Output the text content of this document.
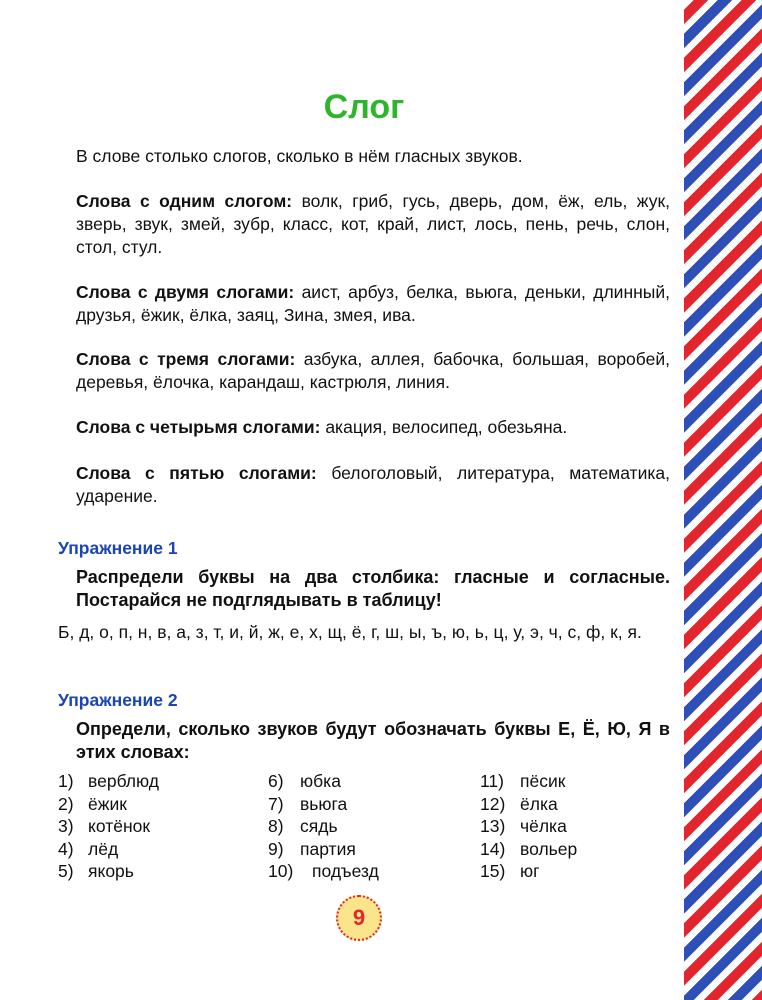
Слог

В слове столько слогов, сколько в нём гласных звуков.

Слова с одним слогом: волк, гриб, гусь, дверь, дом, ёж, ель, жук, зверь, звук, змей, зубр, класс, кот, край, лист, лось, пень, речь, слон, стол, стул.

Слова с двумя слогами: аист, арбуз, белка, вьюга, деньки, длинный, друзья, ёжик, ёлка, заяц, Зина, змея, ива.

Слова с тремя слогами: азбука, аллея, бабочка, большая, воробей, деревья, ёлочка, карандаш, кастрюля, линия.

Слова с четырьмя слогами: акация, велосипед, обезьяна.

Слова с пятью слогами: белоголовый, литература, математика, ударение.

Упражнение 1

Распредели буквы на два столбика: гласные и согласные. Постарайся не подглядывать в таблицу!

Б, д, о, п, н, в, а, з, т, и, й, ж, е, х, щ, ё, г, ш, ы, ъ, ю, ь, ц, у, э, ч, с, ф, к, я.

Упражнение 2

Определи, сколько звуков будут обозначать буквы Е, Ё, Ю, Я в этих словах:

1) верблюд
2) ёжик
3) котёнок
4) лёд
5) якорь
6) юбка
7) вьюга
8) сядь
9) партия
10) подъезд
11) пёсик
12) ёлка
13) чёлка
14) вольер
15) юг
9
